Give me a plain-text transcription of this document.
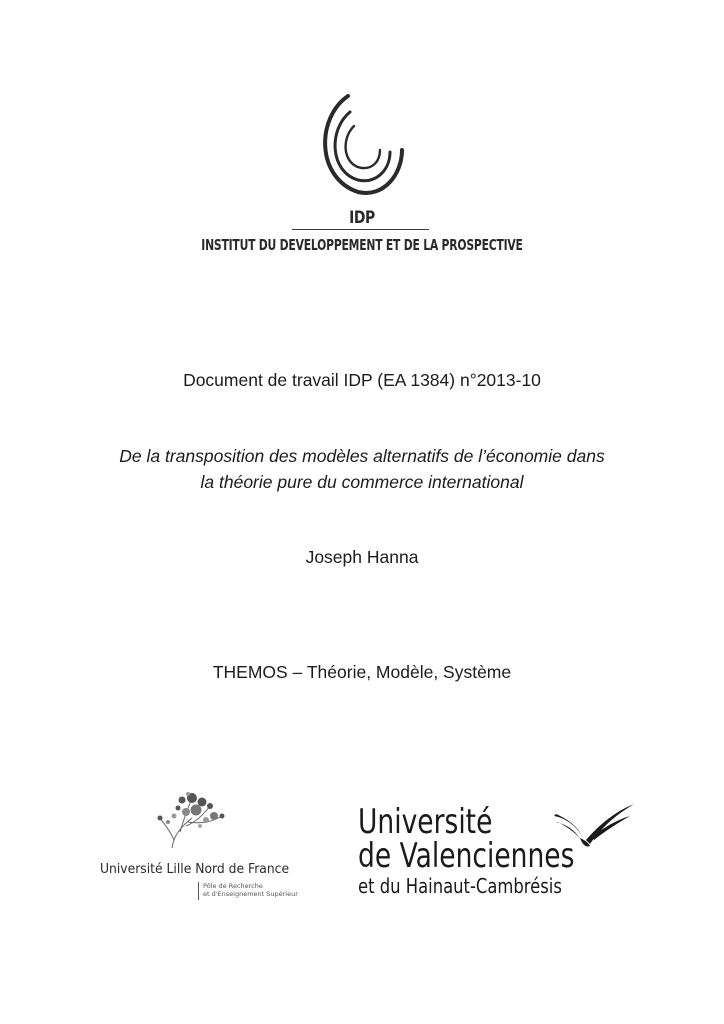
IDP
INSTITUT DU DEVELOPPEMENT ET DE LA PROSPECTIVE
Document de travail IDP (EA 1384) n°2013-10
De la transposition des modèles alternatifs de l’économie dans
la théorie pure du commerce international
Joseph Hanna
THEMOS – Théorie, Modèle, Système
Université Lille Nord de France
Pôle de Recherche
et d'Enseignement Supérieur
Université
de Valenciennes
et du Hainaut-Cambrésis
